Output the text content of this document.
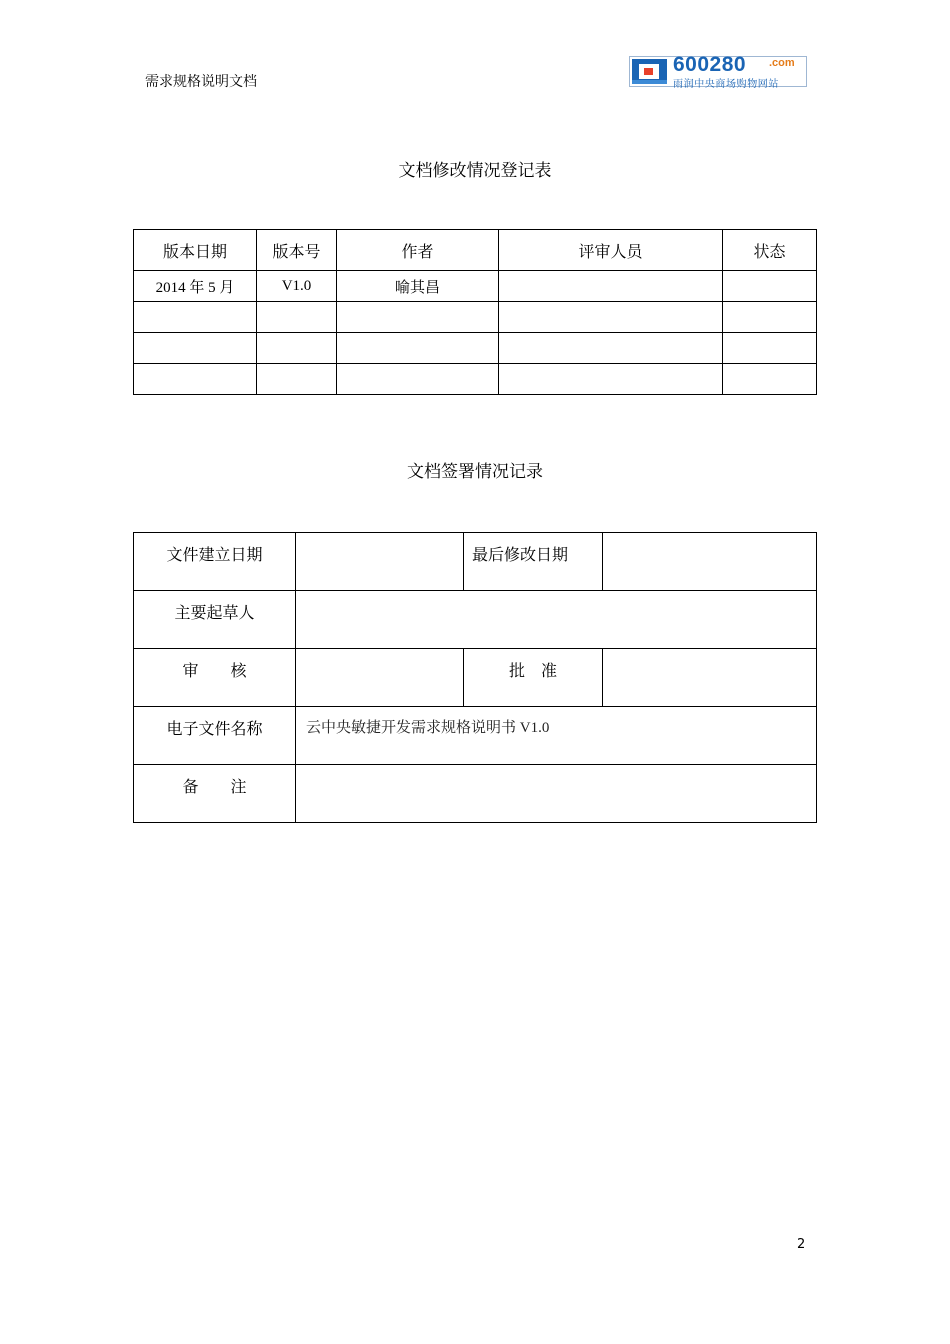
需求规格说明文档
600280 .com
雨润中央商场购物网站
文档修改情况登记表
版本日期	版本号	作者	评审人员	状态
2014 年 5 月	V1.0	喻其昌		

文档签署情况记录
文件建立日期		最后修改日期	
主要起草人			
审　　核		批　准	
电子文件名称	云中央敏捷开发需求规格说明书 V1.0		
备　　注			
2
